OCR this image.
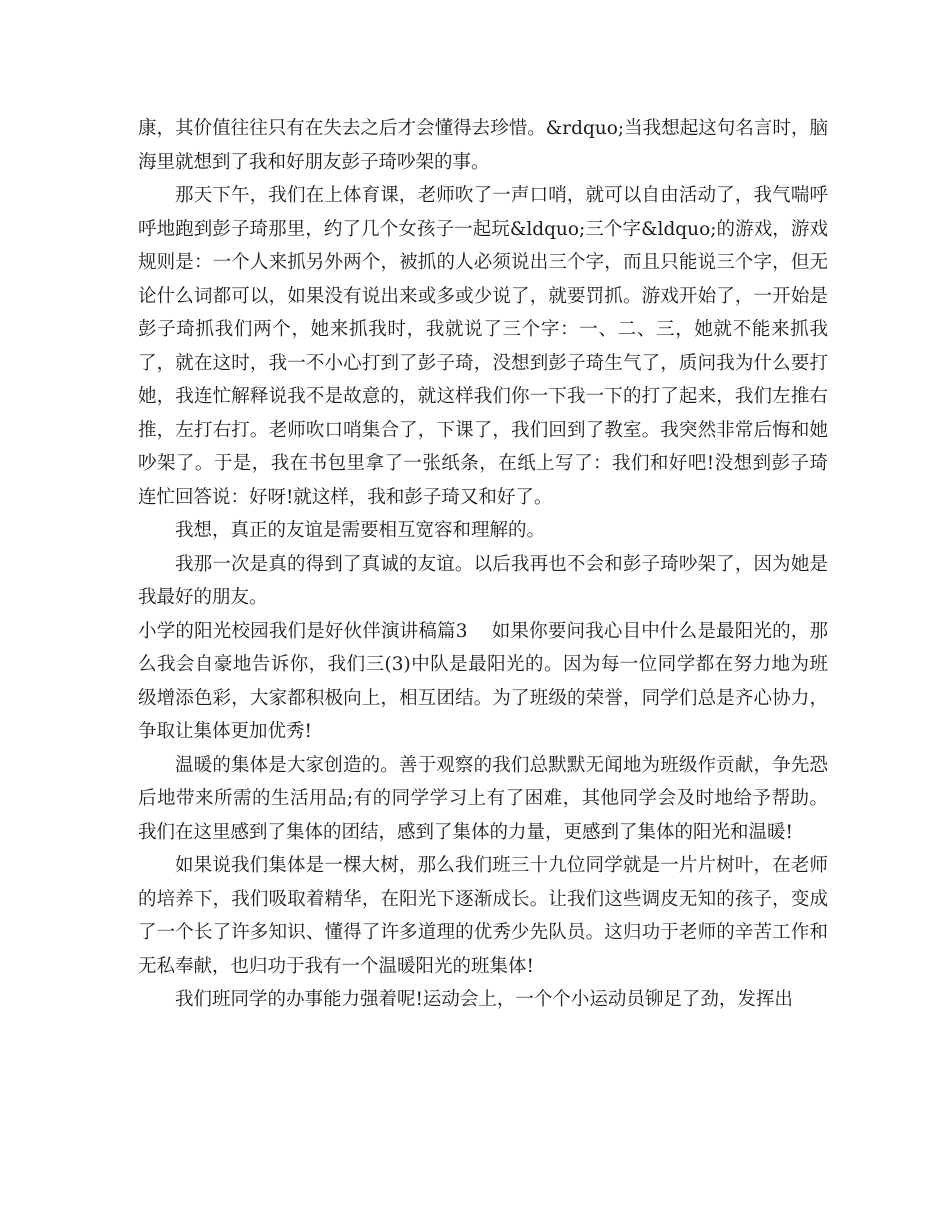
康，其价值往往只有在失去之后才会懂得去珍惜。&rdquo;当我想起这句名言时，脑海里就想到了我和好朋友彭子琦吵架的事。

那天下午，我们在上体育课，老师吹了一声口哨，就可以自由活动了，我气喘呼呼地跑到彭子琦那里，约了几个女孩子一起玩&ldquo;三个字&ldquo;的游戏，游戏规则是：一个人来抓另外两个，被抓的人必须说出三个字，而且只能说三个字，但无论什么词都可以，如果没有说出来或多或少说了，就要罚抓。游戏开始了，一开始是彭子琦抓我们两个，她来抓我时，我就说了三个字：一、二、三，她就不能来抓我了，就在这时，我一不小心打到了彭子琦，没想到彭子琦生气了，质问我为什么要打她，我连忙解释说我不是故意的，就这样我们你一下我一下的打了起来，我们左推右推，左打右打。老师吹口哨集合了，下课了，我们回到了教室。我突然非常后悔和她吵架了。于是，我在书包里拿了一张纸条，在纸上写了：我们和好吧!没想到彭子琦连忙回答说：好呀!就这样，我和彭子琦又和好了。

我想，真正的友谊是需要相互宽容和理解的。

我那一次是真的得到了真诚的友谊。以后我再也不会和彭子琦吵架了，因为她是我最好的朋友。

小学的阳光校园我们是好伙伴演讲稿篇3 如果你要问我心目中什么是最阳光的，那么我会自豪地告诉你，我们三(3)中队是最阳光的。因为每一位同学都在努力地为班级增添色彩，大家都积极向上，相互团结。为了班级的荣誉，同学们总是齐心协力，争取让集体更加优秀!

温暖的集体是大家创造的。善于观察的我们总默默无闻地为班级作贡献，争先恐后地带来所需的生活用品;有的同学学习上有了困难，其他同学会及时地给予帮助。我们在这里感到了集体的团结，感到了集体的力量，更感到了集体的阳光和温暖!

如果说我们集体是一棵大树，那么我们班三十九位同学就是一片片树叶，在老师的培养下，我们吸取着精华，在阳光下逐渐成长。让我们这些调皮无知的孩子，变成了一个长了许多知识、懂得了许多道理的优秀少先队员。这归功于老师的辛苦工作和无私奉献，也归功于我有一个温暖阳光的班集体!

我们班同学的办事能力强着呢!运动会上，一个个小运动员铆足了劲，发挥出
